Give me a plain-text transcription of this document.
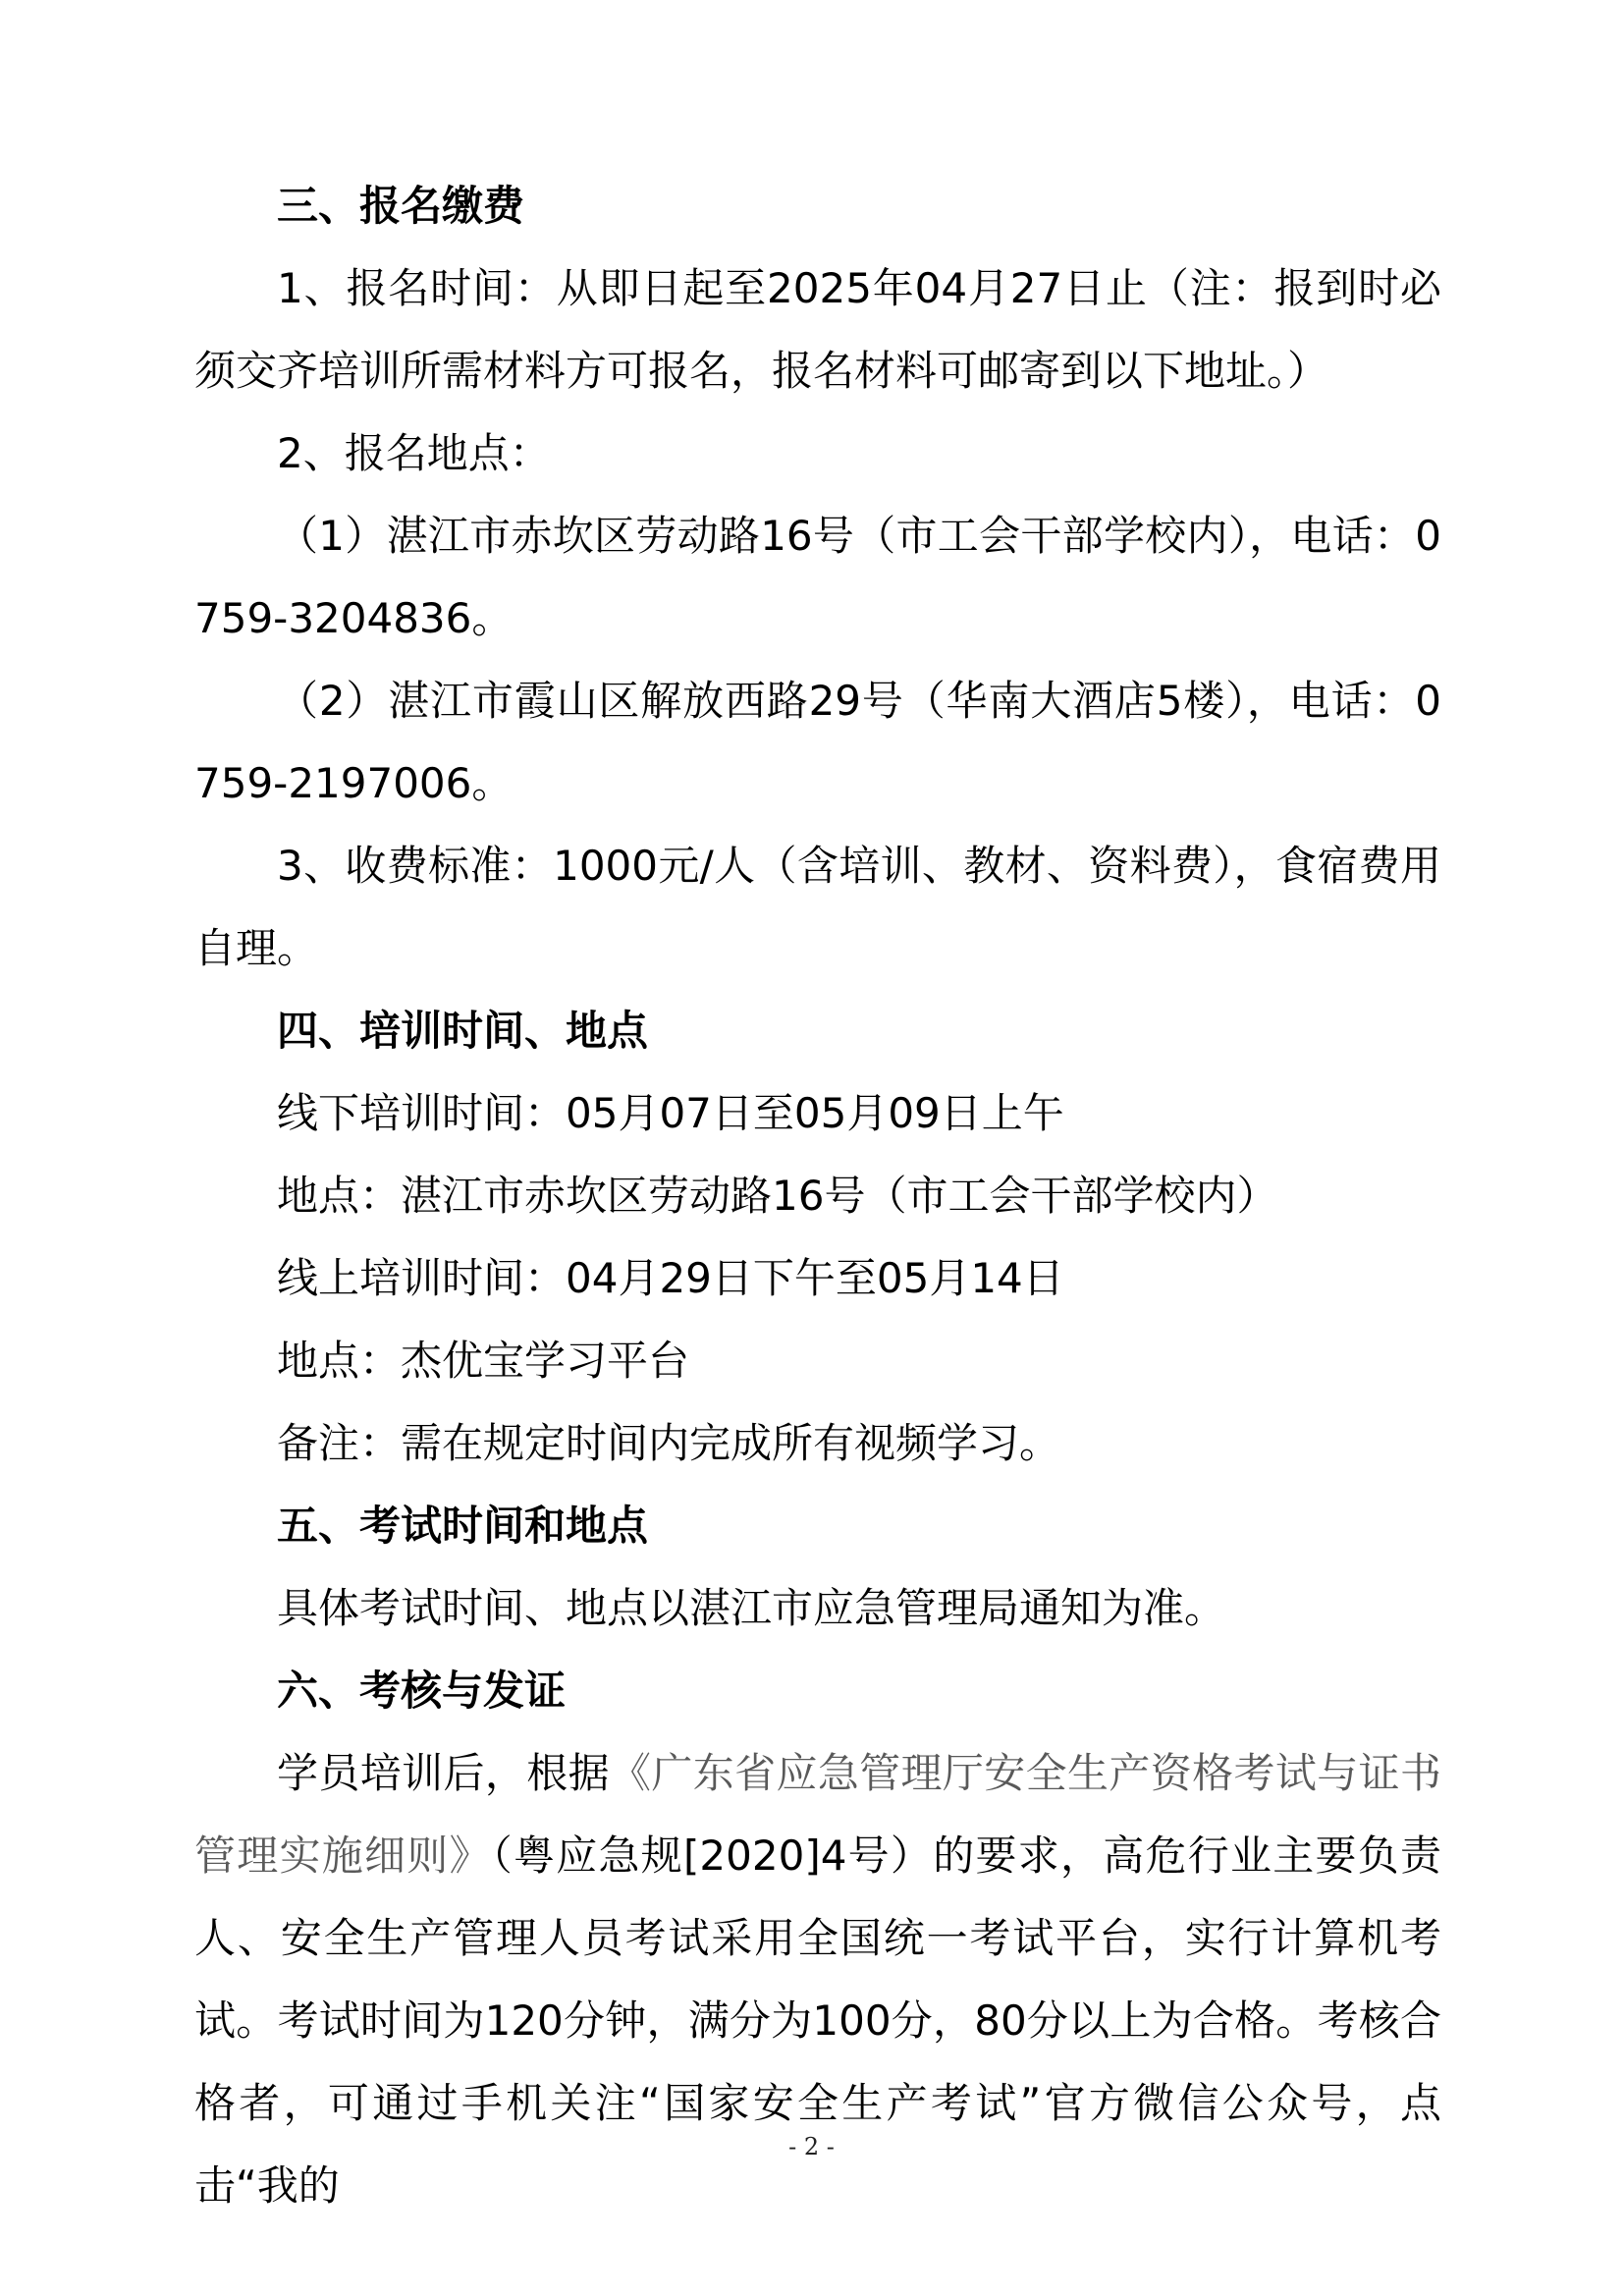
三、报名缴费

1、报名时间：从即日起至2025年04月27日止（注：报到时必须交齐培训所需材料方可报名，报名材料可邮寄到以下地址。）

2、报名地点：

（1）湛江市赤坎区劳动路16号（市工会干部学校内），电话：0759-3204836。

（2）湛江市霞山区解放西路29号（华南大酒店5楼），电话：0759-2197006。

3、收费标准：1000元/人（含培训、教材、资料费），食宿费用自理。

四、培训时间、地点

线下培训时间：05月07日至05月09日上午

地点：湛江市赤坎区劳动路16号（市工会干部学校内）

线上培训时间：04月29日下午至05月14日

地点：杰优宝学习平台

备注：需在规定时间内完成所有视频学习。

五、考试时间和地点

具体考试时间、地点以湛江市应急管理局通知为准。

六、考核与发证

学员培训后，根据《广东省应急管理厅安全生产资格考试与证书管理实施细则》（粤应急规[2020]4号）的要求，高危行业主要负责人、安全生产管理人员考试采用全国统一考试平台，实行计算机考试。考试时间为120分钟，满分为100分，80分以上为合格。考核合格者，可通过手机关注“国家安全生产考试”官方微信公众号，点击“我的

- 2 -
